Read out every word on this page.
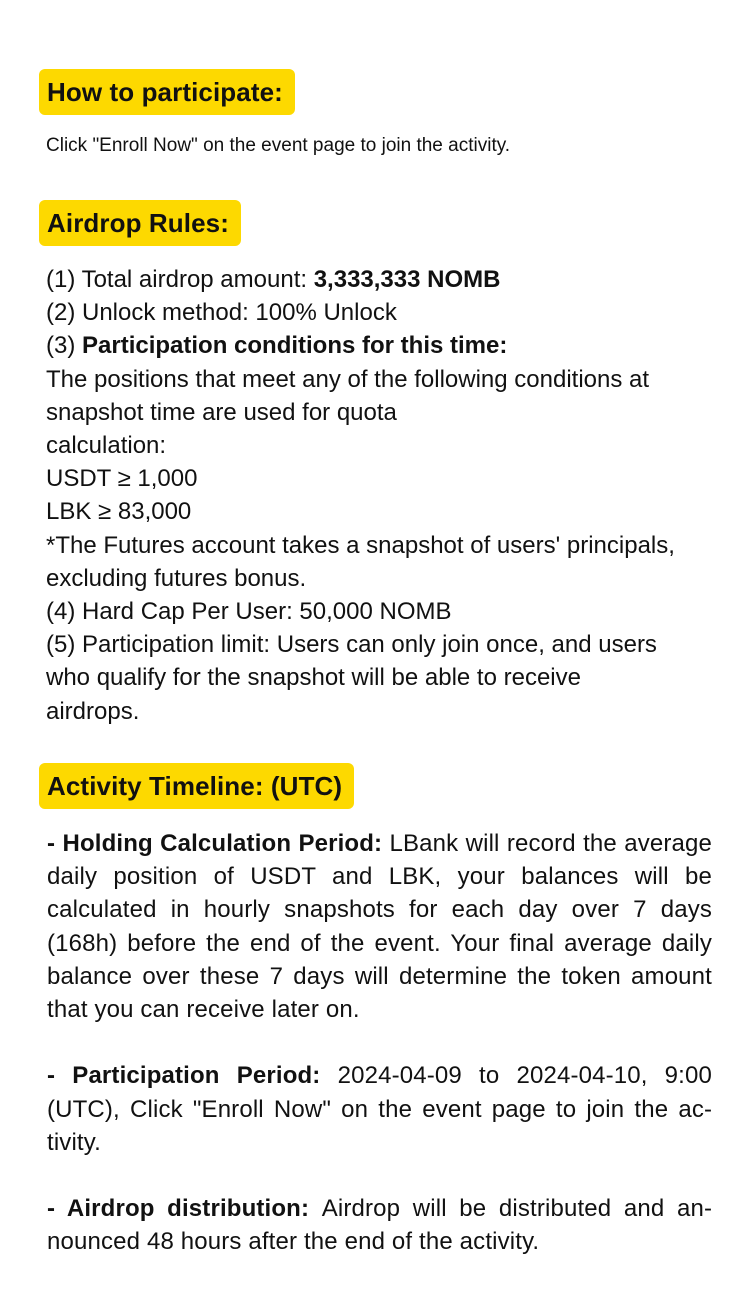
How to participate:
Click "Enroll Now" on the event page to join the activity.
Airdrop Rules:
(1) Total airdrop amount: 3,333,333 NOMB
(2) Unlock method: 100% Unlock
(3) Participation conditions for this time:
The positions that meet any of the following conditions at
snapshot time are used for quota
calculation:
USDT ≥ 1,000
LBK ≥ 83,000
*The Futures account takes a snapshot of users' principals,
excluding futures bonus.
(4) Hard Cap Per User: 50,000 NOMB
(5) Participation limit: Users can only join once, and users
who qualify for the snapshot will be able to receive
airdrops.
Activity Timeline: (UTC)

- Holding Calculation Period: LBank will record the average daily position of USDT and LBK, your balances will be calculated in hourly snapshots for each day over 7 days (168h) before the end of the event. Your final average daily balance over these 7 days will determine the token amount that you can receive later on.

- Participation Period: 2024-04-09 to 2024-04-10, 9:00 (UTC), Click "Enroll Now" on the event page to join the activity.

- Airdrop distribution: Airdrop will be distributed and announced 48 hours after the end of the activity.
